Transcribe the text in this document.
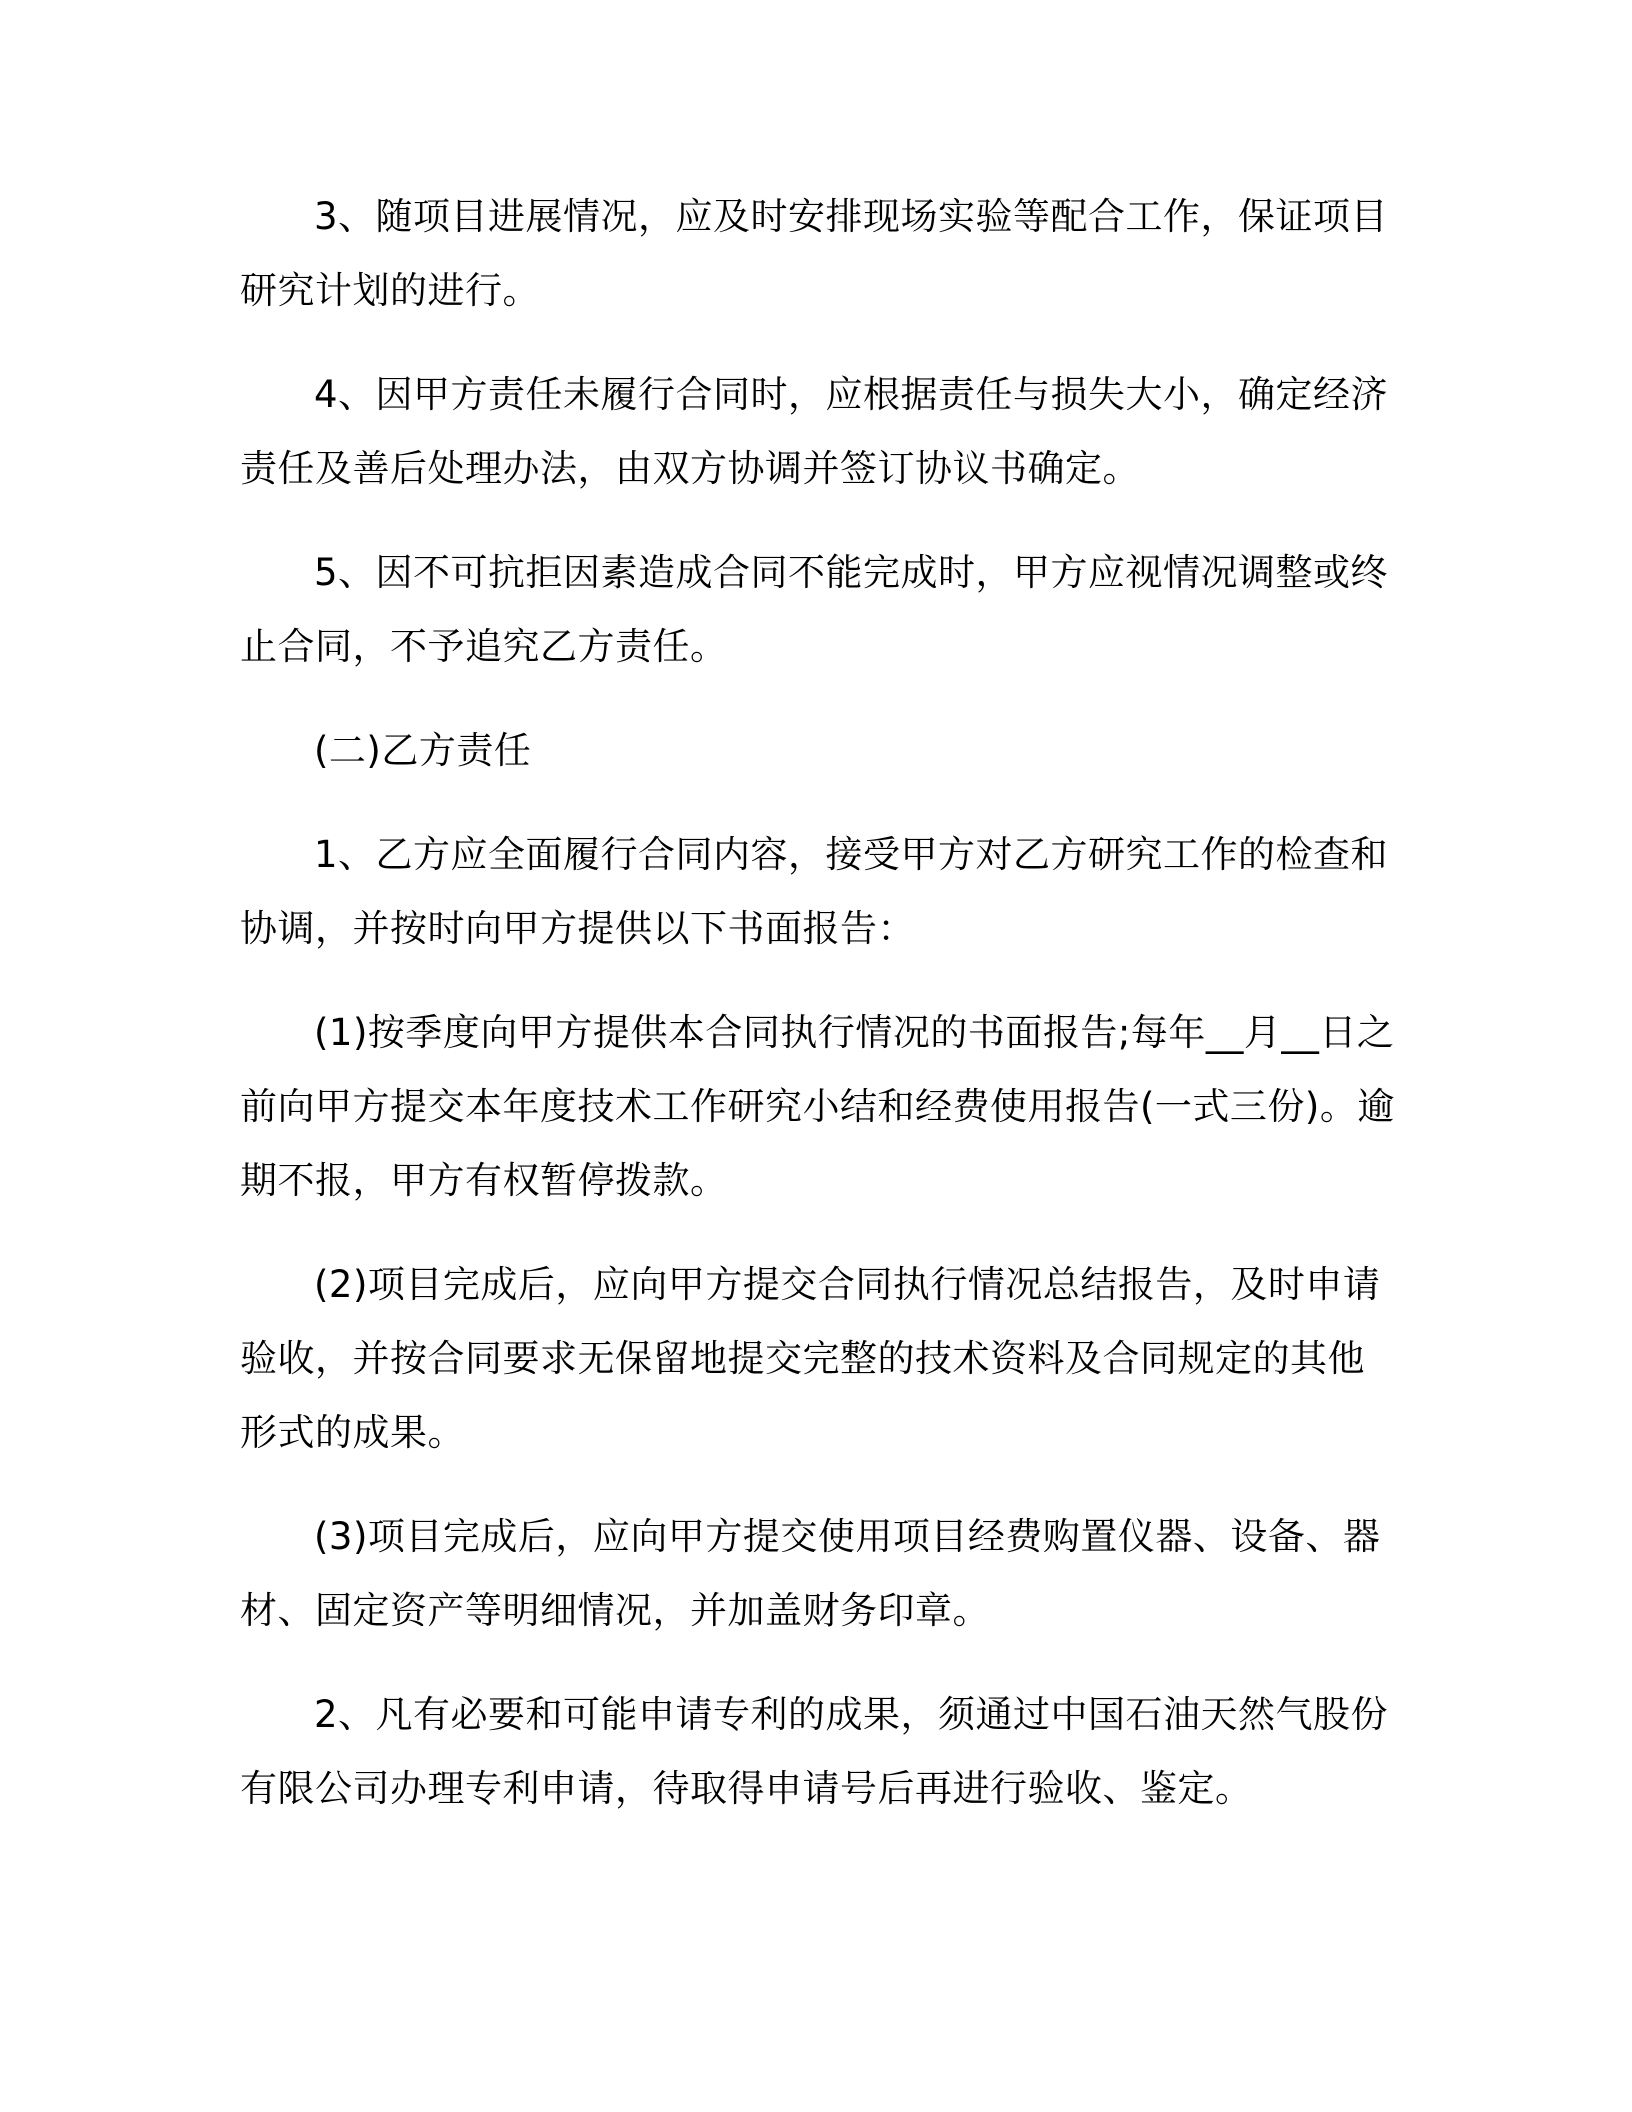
3、随项目进展情况，应及时安排现场实验等配合工作，保证项目
研究计划的进行。

4、因甲方责任未履行合同时，应根据责任与损失大小，确定经济
责任及善后处理办法，由双方协调并签订协议书确定。

5、因不可抗拒因素造成合同不能完成时，甲方应视情况调整或终
止合同，不予追究乙方责任。

(二)乙方责任

1、乙方应全面履行合同内容，接受甲方对乙方研究工作的检查和
协调，并按时向甲方提供以下书面报告：

(1)按季度向甲方提供本合同执行情况的书面报告;每年__月__日之
前向甲方提交本年度技术工作研究小结和经费使用报告(一式三份)。逾
期不报，甲方有权暂停拨款。

(2)项目完成后，应向甲方提交合同执行情况总结报告，及时申请
验收，并按合同要求无保留地提交完整的技术资料及合同规定的其他
形式的成果。

(3)项目完成后，应向甲方提交使用项目经费购置仪器、设备、器
材、固定资产等明细情况，并加盖财务印章。

2、凡有必要和可能申请专利的成果，须通过中国石油天然气股份
有限公司办理专利申请，待取得申请号后再进行验收、鉴定。
